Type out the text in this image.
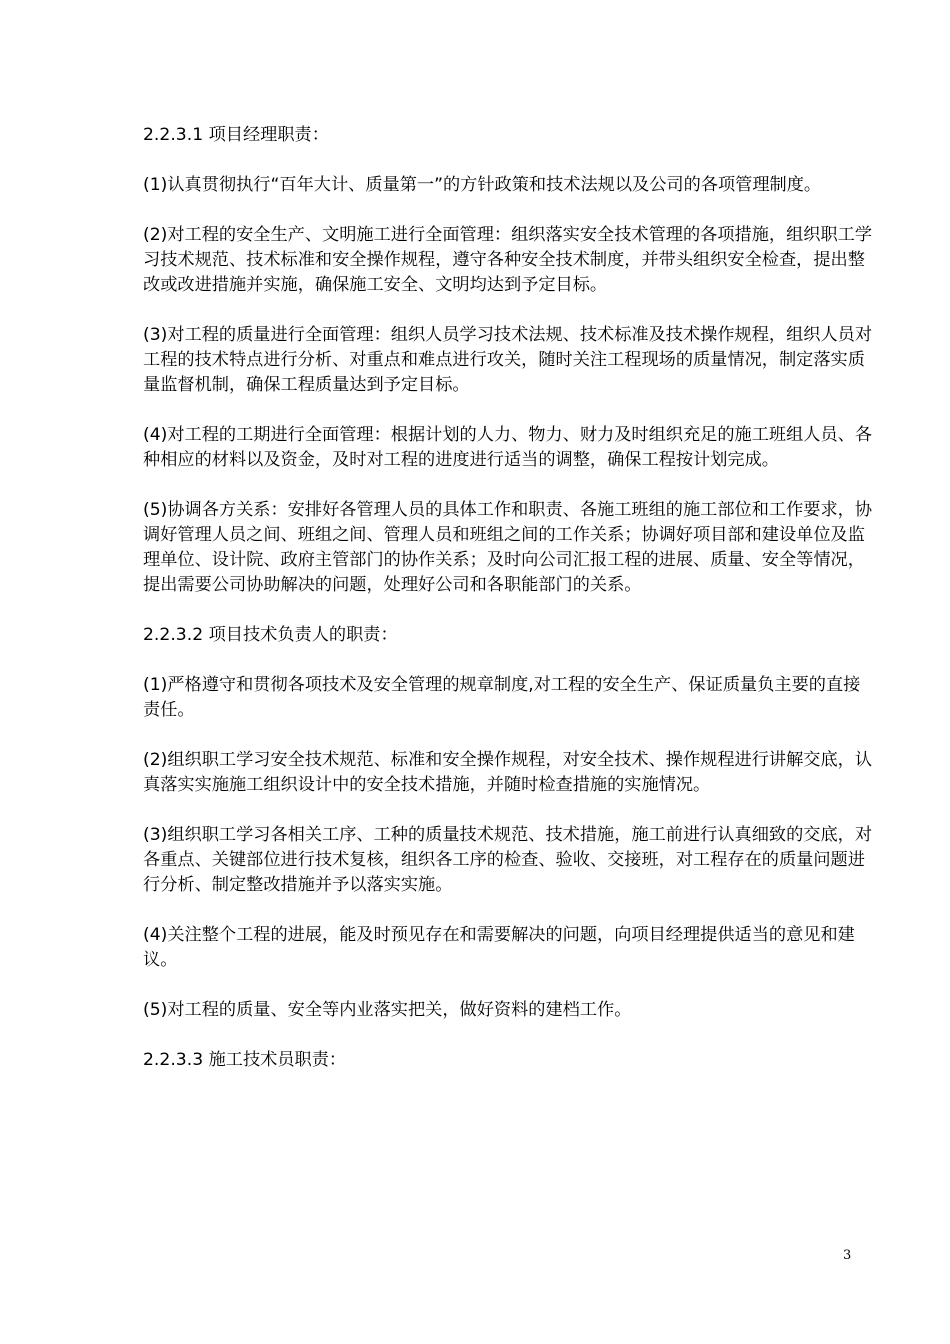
2.2.3.1 项目经理职责：

(1)认真贯彻执行“百年大计、质量第一”的方针政策和技术法规以及公司的各项管理制度。

(2)对工程的安全生产、文明施工进行全面管理：组织落实安全技术管理的各项措施，组织职工学习技术规范、技术标准和安全操作规程，遵守各种安全技术制度，并带头组织安全检查，提出整改或改进措施并实施，确保施工安全、文明均达到予定目标。

(3)对工程的质量进行全面管理：组织人员学习技术法规、技术标准及技术操作规程，组织人员对工程的技术特点进行分析、对重点和难点进行攻关，随时关注工程现场的质量情况，制定落实质量监督机制，确保工程质量达到予定目标。

(4)对工程的工期进行全面管理：根据计划的人力、物力、财力及时组织充足的施工班组人员、各种相应的材料以及资金，及时对工程的进度进行适当的调整，确保工程按计划完成。

(5)协调各方关系：安排好各管理人员的具体工作和职责、各施工班组的施工部位和工作要求，协调好管理人员之间、班组之间、管理人员和班组之间的工作关系；协调好项目部和建设单位及监理单位、设计院、政府主管部门的协作关系；及时向公司汇报工程的进展、质量、安全等情况，提出需要公司协助解决的问题，处理好公司和各职能部门的关系。

2.2.3.2 项目技术负责人的职责：

(1)严格遵守和贯彻各项技术及安全管理的规章制度,对工程的安全生产、保证质量负主要的直接责任。

(2)组织职工学习安全技术规范、标准和安全操作规程，对安全技术、操作规程进行讲解交底，认真落实实施施工组织设计中的安全技术措施，并随时检查措施的实施情况。

(3)组织职工学习各相关工序、工种的质量技术规范、技术措施，施工前进行认真细致的交底，对各重点、关键部位进行技术复核，组织各工序的检查、验收、交接班，对工程存在的质量问题进行分析、制定整改措施并予以落实实施。

(4)关注整个工程的进展，能及时预见存在和需要解决的问题，向项目经理提供适当的意见和建议。

(5)对工程的质量、安全等内业落实把关，做好资料的建档工作。

2.2.3.3 施工技术员职责：

3
